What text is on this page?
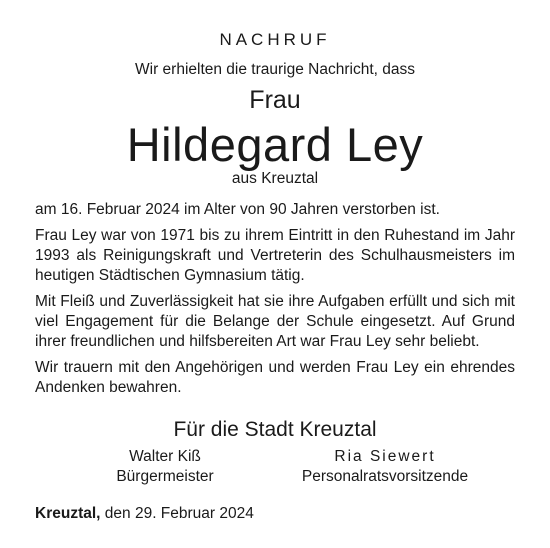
NACHRUF
Wir erhielten die traurige Nachricht, dass
Frau
Hildegard Ley
aus Kreuztal

am 16. Februar 2024 im Alter von 90 Jahren verstorben ist.

Frau Ley war von 1971 bis zu ihrem Eintritt in den Ruhestand im Jahr 1993 als Reinigungskraft und Vertreterin des Schulhausmeisters im heutigen Städtischen Gymnasium tätig.

Mit Fleiß und Zuverlässigkeit hat sie ihre Aufgaben erfüllt und sich mit viel Engagement für die Belange der Schule eingesetzt. Auf Grund ihrer freundlichen und hilfsbereiten Art war Frau Ley sehr beliebt.

Wir trauern mit den Angehörigen und werden Frau Ley ein ehrendes Andenken bewahren.

Für die Stadt Kreuztal
Walter Kiß
Bürgermeister
Ria Siewert
Personalratsvorsitzende
Kreuztal, den 29. Februar 2024
